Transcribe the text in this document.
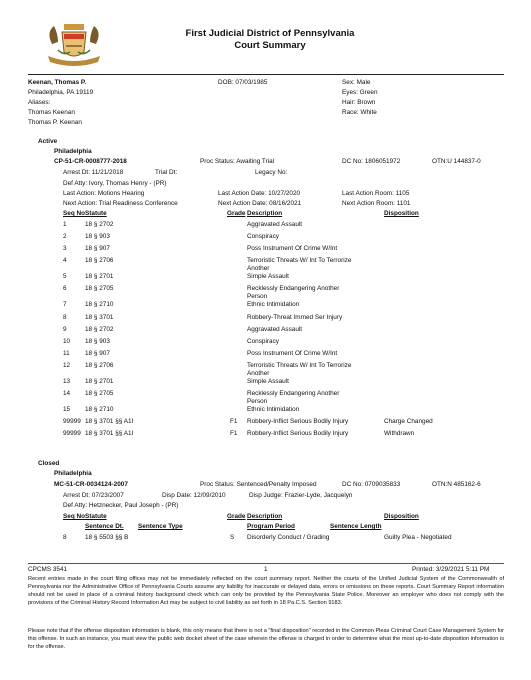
First Judicial District of Pennsylvania
Court Summary
Keenan, Thomas P.
Philadelphia, PA 19119
Aliases:
Thomas Keenan
Thomas P. Keenan
DOB: 07/03/1985	Sex: Male
Eyes: Green
Hair: Brown
Race: White
Active
Philadelphia
CP-51-CR-0008777-2018	Proc Status: Awaiting Trial	DC No: 1806051972	OTN:U 144837-0
Arrest Dt: 11/21/2018	Trial Dt:	Legacy No:
Def Atty: Ivory, Thomas Henry - (PR)
Last Action: Motions Hearing	Last Action Date: 10/27/2020	Last Action Room: 1105
Next Action: Trial Readiness Conference	Next Action Date: 08/16/2021	Next Action Room: 1101
Seq No Statute	Grade Description	Disposition
1	18 § 2702	Aggravated Assault
2	18 § 903	Conspiracy
3	18 § 907	Poss Instrument Of Crime W/Int
4	18 § 2706	Terroristic Threats W/ Int To Terrorize
Another
5	18 § 2701	Simple Assault
6	18 § 2705	Recklessly Endangering Another
Person
7	18 § 2710	Ethnic Intimidation
8	18 § 3701	Robbery-Threat Immed Ser Injury
9	18 § 2702	Aggravated Assault
10 18 § 903	Conspiracy
11 18 § 907	Poss Instrument Of Crime W/Int
12 18 § 2706	Terroristic Threats W/ Int To Terrorize
Another
13 18 § 2701	Simple Assault
14 18 § 2705	Recklessly Endangering Another
Person
15 18 § 2710	Ethnic Intimidation
99999 18 § 3701 §§ A1I	F1	Charge Changed
Robbery-Inflict Serious Bodily Injury
99999 18 § 3701 §§ A1I	F1	Withdrawn
Robbery-Inflict Serious Bodily Injury
Closed
Philadelphia
MC-51-CR-0034124-2007	Proc Status: Sentenced/Penalty Imposed	DC No: 0709035833	OTN:N 485162-6
Arrest Dt: 07/23/2007	Disp Date: 12/09/2010	Disp Judge: Frazier-Lyde, Jacquelyn
Def Atty: Hetznecker, Paul Joseph - (PR)
Seq No Statute	Grade Description	Disposition
Sentence Dt. Sentence Type	Program Period	Sentence Length
8	18 § 5503 §§ B	S Disorderly Conduct / Grading	Guilty Plea - Negotiated
CPCMS 3541	1	Printed: 3/29/2021 5:11 PM
Recent entries made in the court filing offices may not be immediately reflected on the court summary report. Neither the courts of the Unified Judicial System of the Commonwealth of Pennsylvania nor the Administrative Office of Pennsylvania Courts assume any liability for inaccurate or delayed data, errors or omissions on these reports. Court Summary Report information should not be used in place of a criminal history background check which can only be provided by the Pennsylvania State Police. Moreover an employer who does not comply with the provisions of the Criminal History Record Information Act may be subject to civil liability as set forth in 18 Pa.C.S. Section 9183.
Please note that if the offense disposition information is blank, this only means that there is not a "final disposition" recorded in the Common Pleas Criminal Court Case Management System for this offense. In such an instance, you must view the public web docket sheet of the case wherein the offense is charged in order to determine what the most up-to-date disposition information is for the offense.
